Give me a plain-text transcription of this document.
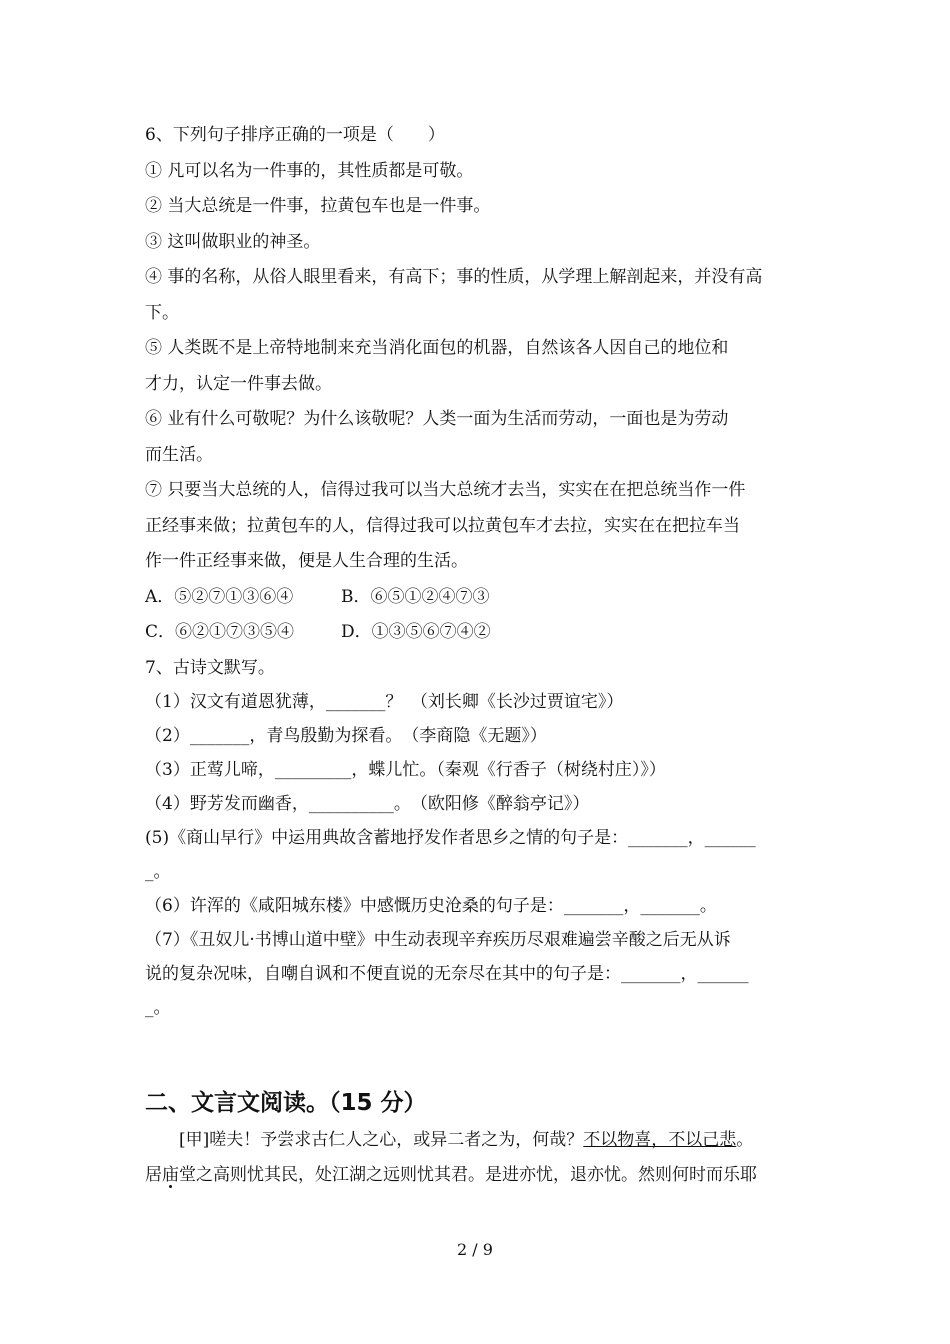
6、下列句子排序正确的一项是（　　）
① 凡可以名为一件事的，其性质都是可敬。
② 当大总统是一件事，拉黄包车也是一件事。
③ 这叫做职业的神圣。
④ 事的名称，从俗人眼里看来，有高下；事的性质，从学理上解剖起来，并没有高
下。
⑤ 人类既不是上帝特地制来充当消化面包的机器，自然该各人因自己的地位和
才力，认定一件事去做。
⑥ 业有什么可敬呢？为什么该敬呢？人类一面为生活而劳动，一面也是为劳动
而生活。
⑦ 只要当大总统的人，信得过我可以当大总统才去当，实实在在把总统当作一件
正经事来做；拉黄包车的人，信得过我可以拉黄包车才去拉，实实在在把拉车当
作一件正经事来做，便是人生合理的生活。
A．⑤②⑦①③⑥④	B．⑥⑤①②④⑦③
C．⑥②①⑦③⑤④	D．①③⑤⑥⑦④②
7、古诗文默写。
（1）汉文有道恩犹薄，_______？　（刘长卿《长沙过贾谊宅》）
（2）_______，青鸟殷勤为探看。　（李商隐《无题》）
（3）正莺儿啼，_________，蝶儿忙。（秦观《行香子（树绕村庄）》）
（4）野芳发而幽香，__________。　（欧阳修《醉翁亭记》）
(5)《商山早行》中运用典故含蓄地抒发作者思乡之情的句子是：_______，______
_。
（6）许浑的《咸阳城东楼》中感慨历史沧桑的句子是：_______，_______。
（7）《丑奴儿·书博山道中壁》中生动表现辛弃疾历尽艰难遍尝辛酸之后无从诉
说的复杂况味，自嘲自讽和不便直说的无奈尽在其中的句子是：_______，______
_。
二、文言文阅读。（15 分）
[甲]嗟夫！予尝求古仁人之心，或异二者之为，何哉？不以物喜，不以己悲。
居庙堂之高则忧其民，处江湖之远则忧其君。是进亦忧，退亦忧。然则何时而乐耶
2 / 9
